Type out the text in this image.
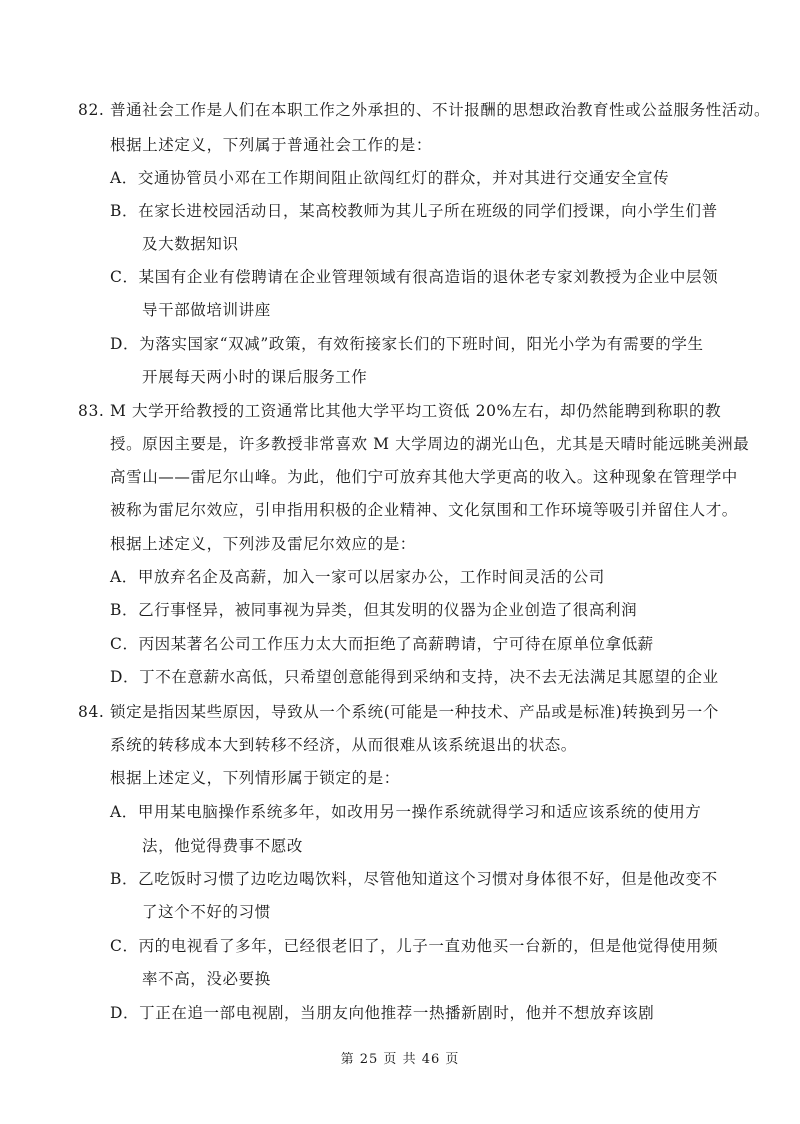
82. 普通社会工作是人们在本职工作之外承担的、不计报酬的思想政治教育性或公益服务性活动。
根据上述定义，下列属于普通社会工作的是：
A．交通协管员小邓在工作期间阻止欲闯红灯的群众，并对其进行交通安全宣传
B．在家长进校园活动日，某高校教师为其儿子所在班级的同学们授课，向小学生们普
及大数据知识
C．某国有企业有偿聘请在企业管理领域有很高造诣的退休老专家刘教授为企业中层领
导干部做培训讲座
D．为落实国家“双减”政策，有效衔接家长们的下班时间，阳光小学为有需要的学生
开展每天两小时的课后服务工作
83. M 大学开给教授的工资通常比其他大学平均工资低 20%左右，却仍然能聘到称职的教
授。原因主要是，许多教授非常喜欢 M 大学周边的湖光山色，尤其是天晴时能远眺美洲最
高雪山——雷尼尔山峰。为此，他们宁可放弃其他大学更高的收入。这种现象在管理学中
被称为雷尼尔效应，引申指用积极的企业精神、文化氛围和工作环境等吸引并留住人才。
根据上述定义，下列涉及雷尼尔效应的是：
A．甲放弃名企及高薪，加入一家可以居家办公，工作时间灵活的公司
B．乙行事怪异，被同事视为异类，但其发明的仪器为企业创造了很高利润
C．丙因某著名公司工作压力太大而拒绝了高薪聘请，宁可待在原单位拿低薪
D．丁不在意薪水高低，只希望创意能得到采纳和支持，决不去无法满足其愿望的企业
84. 锁定是指因某些原因，导致从一个系统(可能是一种技术、产品或是标准)转换到另一个
系统的转移成本大到转移不经济，从而很难从该系统退出的状态。
根据上述定义，下列情形属于锁定的是：
A．甲用某电脑操作系统多年，如改用另一操作系统就得学习和适应该系统的使用方
法，他觉得费事不愿改
B．乙吃饭时习惯了边吃边喝饮料，尽管他知道这个习惯对身体很不好，但是他改变不
了这个不好的习惯
C．丙的电视看了多年，已经很老旧了，儿子一直劝他买一台新的，但是他觉得使用频
率不高，没必要换
D．丁正在追一部电视剧，当朋友向他推荐一热播新剧时，他并不想放弃该剧
第 25 页 共 46 页
